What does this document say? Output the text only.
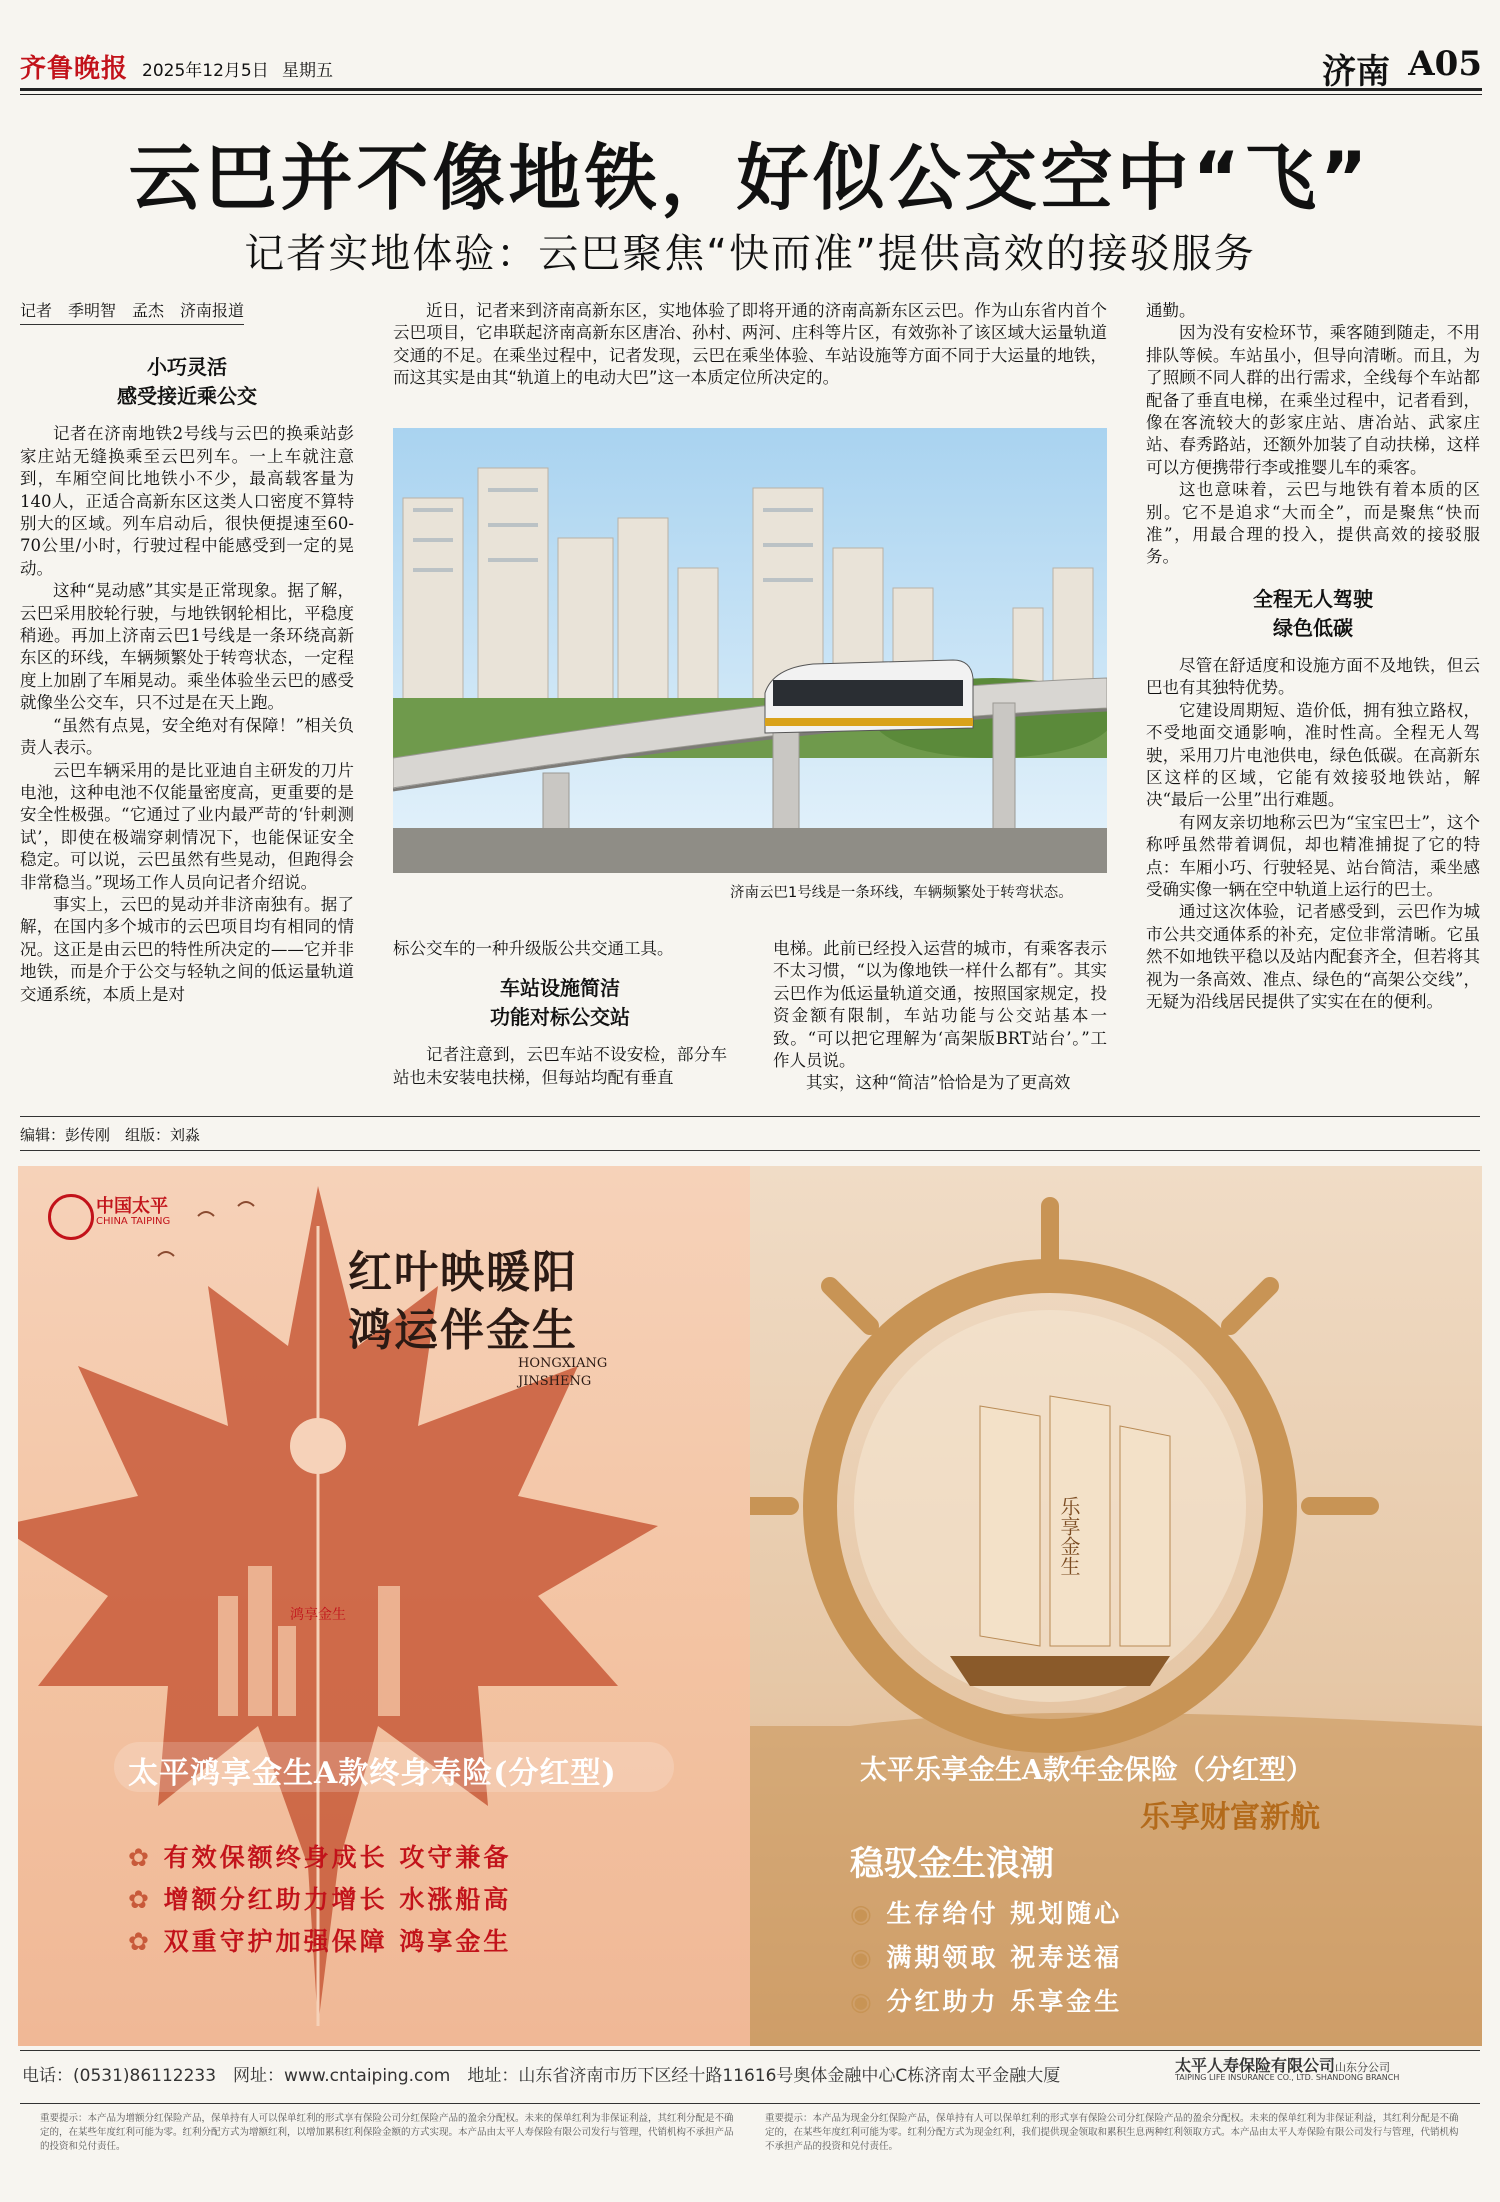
齐鲁晚报 2025年12月5日 星期五	济南 A05
云巴并不像地铁，好似公交空中“飞”
记者实地体验：云巴聚焦“快而准”提供高效的接驳服务

记者　季明智　孟杰　济南报道

小巧灵活
感受接近乘公交

记者在济南地铁2号线与云巴的换乘站彭家庄站无缝换乘至云巴列车。一上车就注意到，车厢空间比地铁小不少，最高载客量为140人，正适合高新东区这类人口密度不算特别大的区域。列车启动后，很快便提速至60-70公里/小时，行驶过程中能感受到一定的晃动。

这种“晃动感”其实是正常现象。据了解，云巴采用胶轮行驶，与地铁钢轮相比，平稳度稍逊。再加上济南云巴1号线是一条环绕高新东区的环线，车辆频繁处于转弯状态，一定程度上加剧了车厢晃动。乘坐体验坐云巴的感受就像坐公交车，只不过是在天上跑。

“虽然有点晃，安全绝对有保障！”相关负责人表示。

云巴车辆采用的是比亚迪自主研发的刀片电池，这种电池不仅能量密度高，更重要的是安全性极强。“它通过了业内最严苛的‘针刺测试’，即使在极端穿刺情况下，也能保证安全稳定。可以说，云巴虽然有些晃动，但跑得会非常稳当。”现场工作人员向记者介绍说。

事实上，云巴的晃动并非济南独有。据了解，在国内多个城市的云巴项目均有相同的情况。这正是由云巴的特性所决定的——它并非地铁，而是介于公交与轻轨之间的低运量轨道交通系统，本质上是对

近日，记者来到济南高新东区，实地体验了即将开通的济南高新东区云巴。作为山东省内首个云巴项目，它串联起济南高新东区唐冶、孙村、两河、庄科等片区，有效弥补了该区域大运量轨道交通的不足。在乘坐过程中，记者发现，云巴在乘坐体验、车站设施等方面不同于大运量的地铁，而这其实是由其“轨道上的电动大巴”这一本质定位所决定的。

济南云巴1号线是一条环线，车辆频繁处于转弯状态。

标公交车的一种升级版公共交通工具。

车站设施简洁
功能对标公交站

记者注意到，云巴车站不设安检，部分车站也未安装电扶梯，但每站均配有垂直

电梯。此前已经投入运营的城市，有乘客表示不太习惯，“以为像地铁一样什么都有”。其实云巴作为低运量轨道交通，按照国家规定，投资金额有限制，车站功能与公交站基本一致。“可以把它理解为‘高架版BRT站台’。”工作人员说。

其实，这种“简洁”恰恰是为了更高效

通勤。

因为没有安检环节，乘客随到随走，不用排队等候。车站虽小，但导向清晰。而且，为了照顾不同人群的出行需求，全线每个车站都配备了垂直电梯，在乘坐过程中，记者看到，像在客流较大的彭家庄站、唐冶站、武家庄站、春秀路站，还额外加装了自动扶梯，这样可以方便携带行李或推婴儿车的乘客。

这也意味着，云巴与地铁有着本质的区别。它不是追求“大而全”，而是聚焦“快而准”，用最合理的投入，提供高效的接驳服务。

全程无人驾驶
绿色低碳

尽管在舒适度和设施方面不及地铁，但云巴也有其独特优势。

它建设周期短、造价低，拥有独立路权，不受地面交通影响，准时性高。全程无人驾驶，采用刀片电池供电，绿色低碳。在高新东区这样的区域，它能有效接驳地铁站，解决“最后一公里”出行难题。

有网友亲切地称云巴为“宝宝巴士”，这个称呼虽然带着调侃，却也精准捕捉了它的特点：车厢小巧、行驶轻晃、站台简洁，乘坐感受确实像一辆在空中轨道上运行的巴士。

通过这次体验，记者感受到，云巴作为城市公共交通体系的补充，定位非常清晰。它虽然不如地铁平稳以及站内配套齐全，但若将其视为一条高效、准点、绿色的“高架公交线”，无疑为沿线居民提供了实实在在的便利。

编辑：彭传刚　组版：刘淼
中国太平
CHINA TAIPING
红叶映暖阳
鸿运伴金生
HONGXIANG
JINSHENG
鸿享金生
太平鸿享金生A款终身寿险(分红型)
✿ 有效保额终身成长 攻守兼备
✿ 增额分红助力增长 水涨船高
✿ 双重守护加强保障 鸿享金生
乐享金生
太平乐享金生A款年金保险（分红型）
乐享财富新航
稳驭金生浪潮
◉ 生存给付 规划随心
◉ 满期领取 祝寿送福
◉ 分红助力 乐享金生
电话：(0531)86112233　网址：www.cntaiping.com　地址：山东省济南市历下区经十路11616号奥体金融中心C栋济南太平金融大厦
太平人寿保险有限公司山东分公司
TAIPING LIFE INSURANCE CO., LTD. SHANDONG BRANCH
重要提示：本产品为增额分红保险产品，保单持有人可以保单红利的形式享有保险公司分红保险产品的盈余分配权。未来的保单红利为非保证利益，其红利分配是不确定的，在某些年度红利可能为零。红利分配方式为增额红利，以增加累积红利保险金额的方式实现。本产品由太平人寿保险有限公司发行与管理，代销机构不承担产品的投资和兑付责任。
重要提示：本产品为现金分红保险产品，保单持有人可以保单红利的形式享有保险公司分红保险产品的盈余分配权。未来的保单红利为非保证利益，其红利分配是不确定的，在某些年度红利可能为零。红利分配方式为现金红利，我们提供现金领取和累积生息两种红利领取方式。本产品由太平人寿保险有限公司发行与管理，代销机构不承担产品的投资和兑付责任。
